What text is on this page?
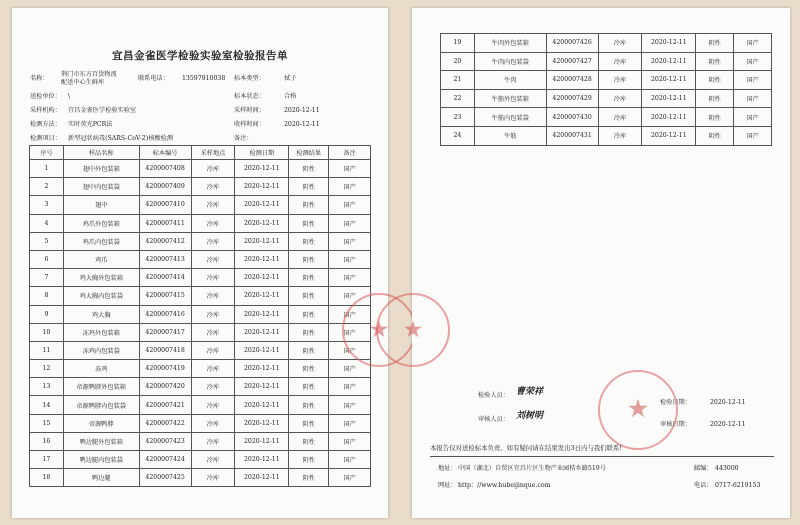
宜昌金雀医学检验实验室检验报告单
名称：
荆门市东方百货物流
配送中心生鲜库
联系电话： 13597910038 标本类型：	拭子
送检单位： \	标本状态：	合格
采样机构： 宜昌金雀医学检验实验室	采样时间：	2020-12-11
检测方法： 实时荧光PCR法	收样时间：	2020-12-11
检测项目： 新型冠状病毒(SARS-CoV-2)核酸检测	备注：
序号	样品名称	标本编号	采样地点	检测日期	检测结果	备注
1	翅中外包装箱	4200007408	冷库	2020-12-11	阴性	国产
2	翅中内包装袋	4200007409	冷库	2020-12-11	阴性	国产
3	翅中	4200007410	冷库	2020-12-11	阴性	国产
4	鸡爪外包装箱	4200007411	冷库	2020-12-11	阴性	国产
5	鸡爪内包装袋	4200007412	冷库	2020-12-11	阴性	国产
6	鸡爪	4200007413	冷库	2020-12-11	阴性	国产
7	鸡大胸外包装箱	4200007414	冷库	2020-12-11	阴性	国产
8	鸡大胸内包装袋	4200007415	冷库	2020-12-11	阴性	国产
9	鸡大胸	4200007416	冷库	2020-12-11	阴性	国产
10	冻鸡外包装箱	4200007417	冷库	2020-12-11	阴性	国产
11	冻鸡内包装袋	4200007418	冷库	2020-12-11	阴性	国产
12	冻鸡	4200007419	冷库	2020-12-11	阴性	国产
13	帝源鸭脖外包装箱	4200007420	冷库	2020-12-11	阴性	国产
14	帝源鸭脖内包装袋	4200007421	冷库	2020-12-11	阴性	国产
15	帝源鸭脖	4200007422	冷库	2020-12-11	阴性	国产
16	鸭边腿外包装箱	4200007423	冷库	2020-12-11	阴性	国产
17	鸭边腿内包装袋	4200007424	冷库	2020-12-11	阴性	国产
18	鸭边腿	4200007425	冷库	2020-12-11	阴性	国产
★
19	牛肉外包装箱	4200007426	冷库	2020-12-11	阴性	国产
20	牛肉内包装袋	4200007427	冷库	2020-12-11	阴性	国产
21	牛肉	4200007428	冷库	2020-12-11	阴性	国产
22	牛筋外包装箱	4200007429	冷库	2020-12-11	阴性	国产
23	牛筋内包装袋	4200007430	冷库	2020-12-11	阴性	国产
24	牛筋	4200007431	冷库	2020-12-11	阴性	国产
★
★
检验人员： 曹荣祥
检验日期：	2020-12-11
审核人员： 刘树明
审核日期：	2020-12-11
本报告仅对送检标本负责。如有疑问请在结果发出3日内与我们联系!
地址： 中国（湖北）自贸区宜昌片区生物产业园桔乡路519号	邮编： 443000
网址： http：//www.hubeijinque.com	电话： 0717-6219153
